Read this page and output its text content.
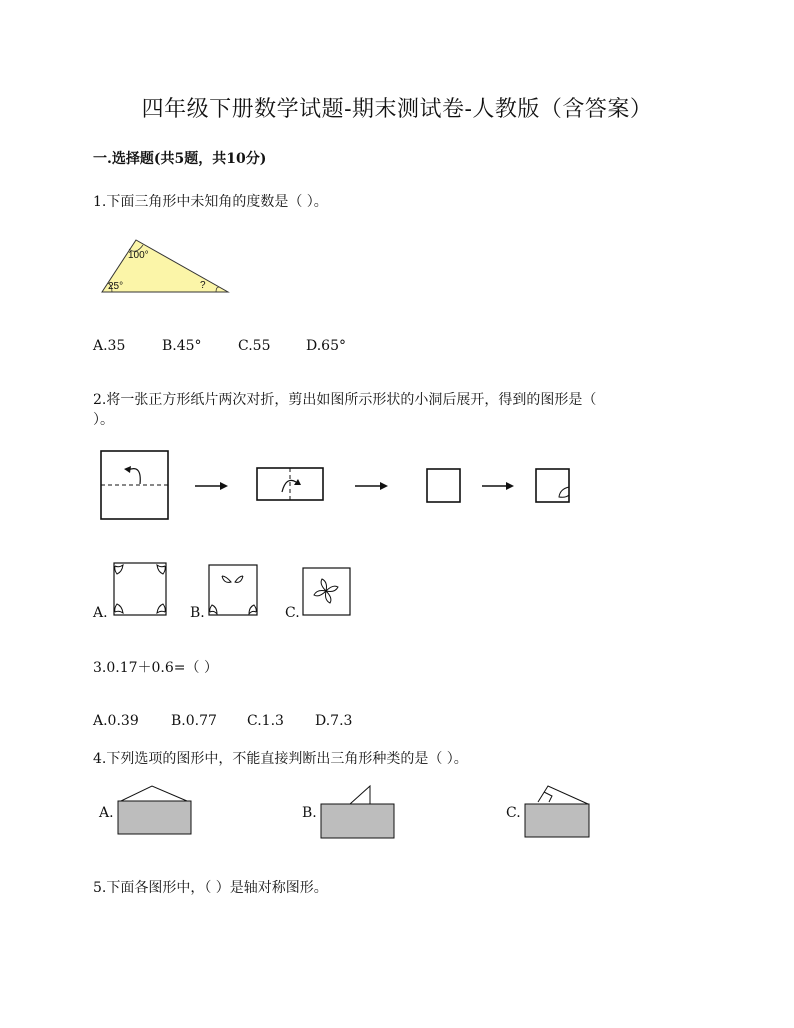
四年级下册数学试题-期末测试卷-人教版（含答案）
一.选择题(共5题，共10分)
1.下面三角形中未知角的度数是（ ）。
100°
25°	?
A.35	B.45°	C.55	D.65°
2.将一张正方形纸片两次对折，剪出如图所示形状的小洞后展开，得到的图形是（
）。
A.	B.	C.
3.0.17＋0.6=（ ）
A.0.39	B.0.77	C.1.3	D.7.3
4.下列选项的图形中，不能直接判断出三角形种类的是（ ）。
A.	B.	C.
5.下面各图形中，（ ）是轴对称图形。
